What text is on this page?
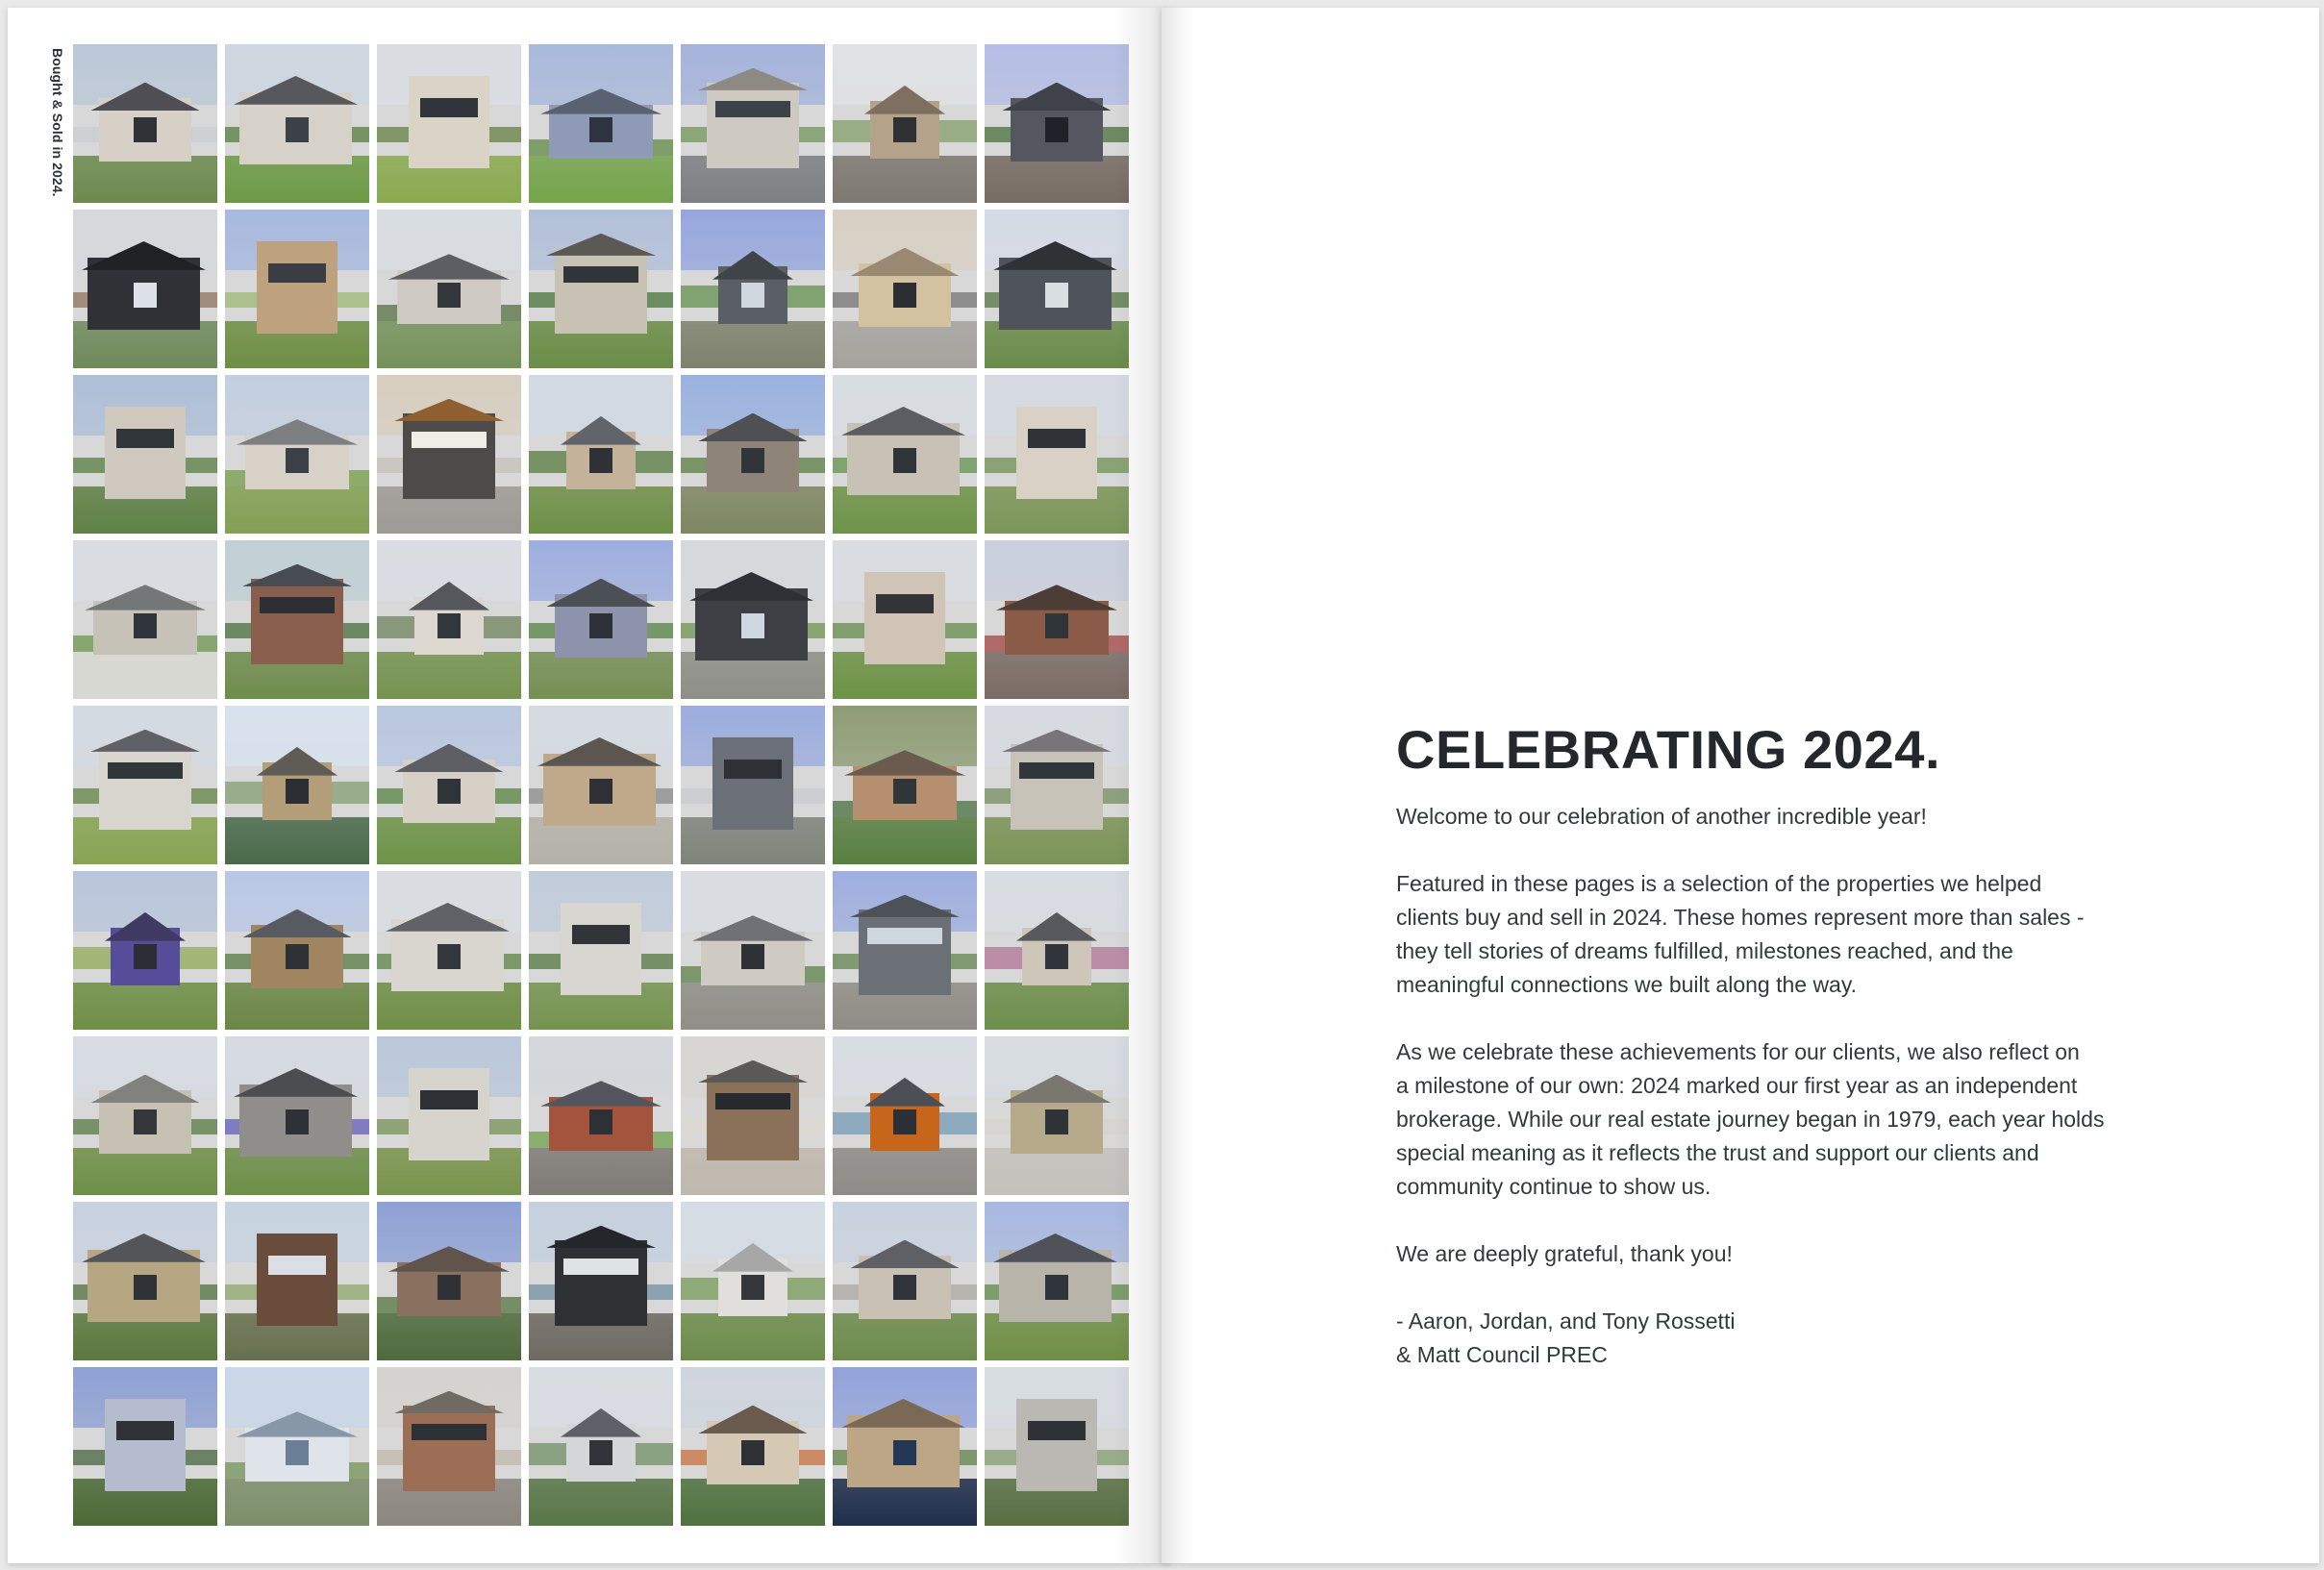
Bought & Sold in 2024.
CELEBRATING 2024.

Welcome to our celebration of another incredible year!

Featured in these pages is a selection of the properties we helped
clients buy and sell in 2024. These homes represent more than sales -
they tell stories of dreams fulfilled, milestones reached, and the
meaningful connections we built along the way.

As we celebrate these achievements for our clients, we also reflect on
a milestone of our own: 2024 marked our first year as an independent
brokerage. While our real estate journey began in 1979, each year holds
special meaning as it reflects the trust and support our clients and
community continue to show us.

We are deeply grateful, thank you!

- Aaron, Jordan, and Tony Rossetti
& Matt Council PREC
